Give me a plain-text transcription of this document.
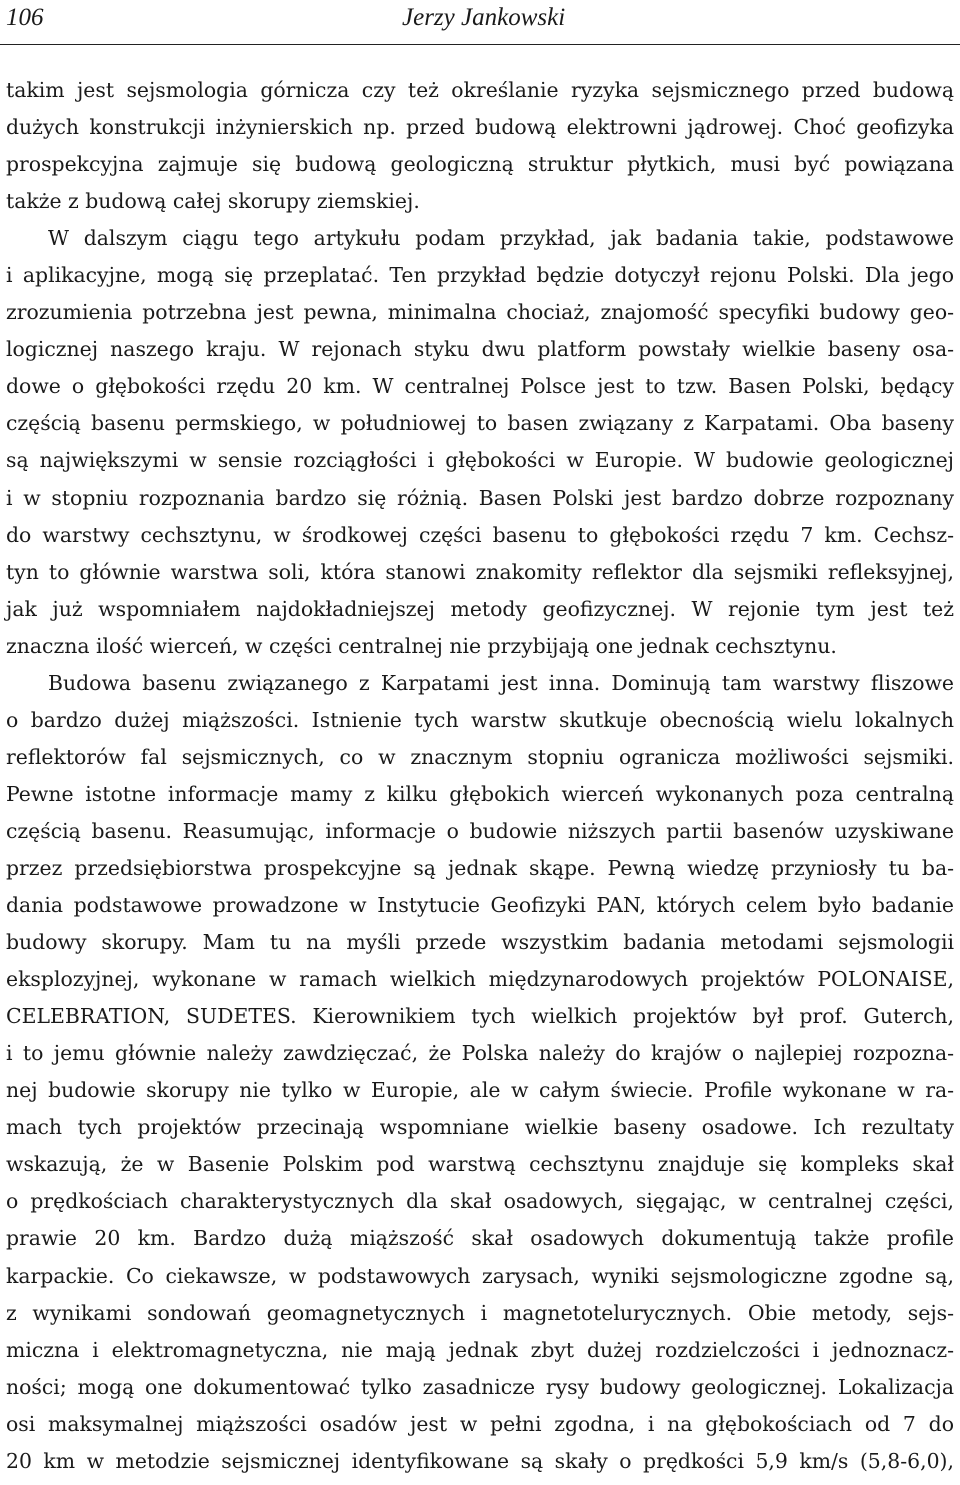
106	Jerzy Jankowski
takim jest sejsmologia górnicza czy też określanie ryzyka sejsmicznego przed budową
dużych konstrukcji inżynierskich np. przed budową elektrowni jądrowej. Choć geofizyka
prospekcyjna zajmuje się budową geologiczną struktur płytkich, musi być powiązana
także z budową całej skorupy ziemskiej.
W dalszym ciągu tego artykułu podam przykład, jak badania takie, podstawowe
i aplikacyjne, mogą się przeplatać. Ten przykład będzie dotyczył rejonu Polski. Dla jego
zrozumienia potrzebna jest pewna, minimalna chociaż, znajomość specyfiki budowy geo-
logicznej naszego kraju. W rejonach styku dwu platform powstały wielkie baseny osa-
dowe o głębokości rzędu 20 km. W centralnej Polsce jest to tzw. Basen Polski, będący
częścią basenu permskiego, w południowej to basen związany z Karpatami. Oba baseny
są największymi w sensie rozciągłości i głębokości w Europie. W budowie geologicznej
i w stopniu rozpoznania bardzo się różnią. Basen Polski jest bardzo dobrze rozpoznany
do warstwy cechsztynu, w środkowej części basenu to głębokości rzędu 7 km. Cechsz-
tyn to głównie warstwa soli, która stanowi znakomity reflektor dla sejsmiki refleksyjnej,
jak już wspomniałem najdokładniejszej metody geofizycznej. W rejonie tym jest też
znaczna ilość wierceń, w części centralnej nie przybijają one jednak cechsztynu.
Budowa basenu związanego z Karpatami jest inna. Dominują tam warstwy fliszowe
o bardzo dużej miąższości. Istnienie tych warstw skutkuje obecnością wielu lokalnych
reflektorów fal sejsmicznych, co w znacznym stopniu ogranicza możliwości sejsmiki.
Pewne istotne informacje mamy z kilku głębokich wierceń wykonanych poza centralną
częścią basenu. Reasumując, informacje o budowie niższych partii basenów uzyskiwane
przez przedsiębiorstwa prospekcyjne są jednak skąpe. Pewną wiedzę przyniosły tu ba-
dania podstawowe prowadzone w Instytucie Geofizyki PAN, których celem było badanie
budowy skorupy. Mam tu na myśli przede wszystkim badania metodami sejsmologii
eksplozyjnej, wykonane w ramach wielkich międzynarodowych projektów POLONAISE,
CELEBRATION, SUDETES. Kierownikiem tych wielkich projektów był prof. Guterch,
i to jemu głównie należy zawdzięczać, że Polska należy do krajów o najlepiej rozpozna-
nej budowie skorupy nie tylko w Europie, ale w całym świecie. Profile wykonane w ra-
mach tych projektów przecinają wspomniane wielkie baseny osadowe. Ich rezultaty
wskazują, że w Basenie Polskim pod warstwą cechsztynu znajduje się kompleks skał
o prędkościach charakterystycznych dla skał osadowych, sięgając, w centralnej części,
prawie 20 km. Bardzo dużą miąższość skał osadowych dokumentują także profile
karpackie. Co ciekawsze, w podstawowych zarysach, wyniki sejsmologiczne zgodne są,
z wynikami sondowań geomagnetycznych i magnetotelurycznych. Obie metody, sejs-
miczna i elektromagnetyczna, nie mają jednak zbyt dużej rozdzielczości i jednoznacz-
ności; mogą one dokumentować tylko zasadnicze rysy budowy geologicznej. Lokalizacja
osi maksymalnej miąższości osadów jest w pełni zgodna, i na głębokościach od 7 do
20 km w metodzie sejsmicznej identyfikowane są skały o prędkości 5,9 km/s (5,8-6,0),
